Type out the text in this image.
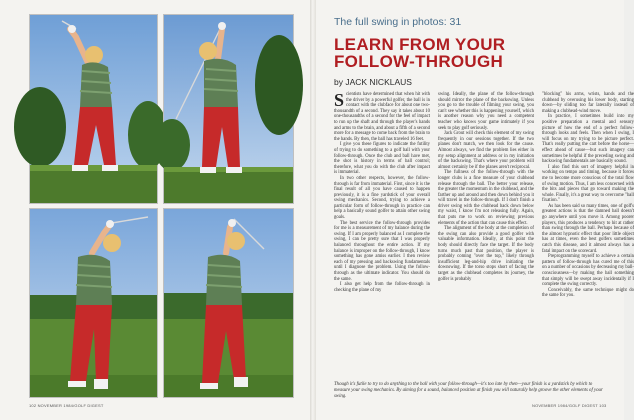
102 NOVEMBER 1984/GOLF DIGEST
The full swing in photos: 31
LEARN FROM YOUR
FOLLOW-THROUGH
by JACK NICKLAUS

Scientists have determined that when hit with the driver by a powerful golfer, the ball is in contact with the clubface for about one two-thousandth of a second. They say it takes about 10 one-thousandths of a second for the feel of impact to run up the shaft and through the player's hands and arms to the brain, and about a fifth of a second more for a message to come back from the brain to the hands. By then, the ball has traveled 16 feet.

I give you these figures to indicate the futility of trying to do something to a golf ball with your follow-through. Once the club and ball have met, the shot is history in terms of ball control; therefore, what you do with the club after impact is immaterial.

In two other respects, however, the follow-through is far from immaterial. First, since it is the final result of all you have caused to happen previously, it is a fine yardstick of your overall swing mechanics. Second, trying to achieve a particular form of follow-through in practice can help a basically sound golfer to attain other swing goals.

The best service the follow-through provides for me is a measurement of my balance during the swing. If I am properly balanced as I complete the swing, I can be pretty sure that I was properly balanced throughout the entire action. If my balance is improper on the follow-through, I know something has gone amiss earlier. I then review each of my pressing and backswing fundamentals until I diagnose the problem. Using the follow-through as the ultimate indicator. You should do the same.

I also get help from the follow-through in checking the plane of my

swing. Ideally, the plane of the follow-through should mirror the plane of the backswing. Unless you go to the trouble of filming your swing, you can't see whether this is happening yourself, which is another reason why you need a competent teacher who knows your game intimately if you seek to play golf seriously.

Jack Grout will check this element of my swing frequently in our sessions together. If the two planes don't match, we then look for the cause. Almost always, we find the problem lies either in my setup alignment at address or in my initiation of the backswing. That's where your problem will almost certainly be if the planes aren't reciprocal.

The fullness of the follow-through with the longer clubs is a fine measure of your clubhead release through the ball. The better your release, the greater the momentum in the clubhead, and the farther up and around and then down behind you it will travel in the follow-through. If I don't finish a driver swing with the clubhead back down below my waist, I know I'm not releasing fully. Again, that puts me to work on reviewing previous elements of the action that can cause this effect.

The alignment of the body at the completion of the swing can also provide a good golfer with valuable information. Ideally, at this point the body should directly face the target. If the body turns much past that position, the player is probably coming "over the top," likely through insufficient leg-and-hip drive initiating the downswing. If the torso stops short of facing the target as the clubhead completes its journey, the golfer is probably

"blocking" his arms, wrists, hands and the clubhead by overusing his lower body, starting down—by sliding too far laterally instead of making a clubhead-wind move.

In practice, I sometimes build into my positive preparation a mental and sensory picture of how the end of a perfect follow-through looks and feels. Then when I swing, I will focus on my trying to be picture perfect. That's really putting the cart before the horse—effect ahead of cause—but such imagery can sometimes be helpful if the preceding swing and backswing fundamentals are basically sound.

I also find this sort of imagery helpful in working on tempo and timing, because it forces me to become more conscious of the total flow of swing motion. Thus, I am less concerned with the bits and pieces that go toward making the whole. Finally, it's a great way to overcome "ball fixation."

As has been said so many times, one of golf's greatest actions is that the damned ball doesn't go anywhere until you move it. Among poorer players, this produces a tendency to hit at rather than swing through the ball. Perhaps because of the almost hypnotic effect that poor little object has at times, even the best golfers sometimes catch this disease, and it almost always has a fatal impact on the scorecard.

Preprogramming myself to achieve a certain pattern of follow-through has cured me of this on a number of occasions by decreasing my ball-consciousness—by making the ball something that simply will be swept away incidentally if I complete the swing correctly.

Conceivably, the same technique might do the same for you.

Though it's futile to try to do anything to the ball with your follow-through—it's too late by then—your finish is a yardstick by which to measure your swing mechanics. By aiming for a sound, balanced position at finish you will naturally help groove the other elements of your swing.
NOVEMBER 1984/GOLF DIGEST 103
